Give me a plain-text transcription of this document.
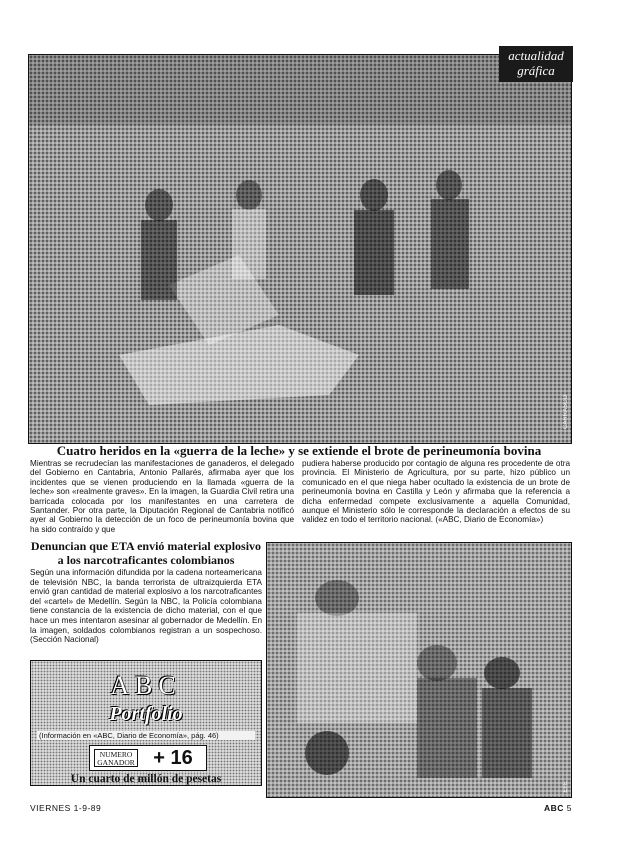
CARRASCO
actualidad
gráfica
Cuatro heridos en la «guerra de la leche» y se extiende el brote de perineumonía bovina

Mientras se recrudecían las manifestaciones de ganaderos, el delegado del Gobierno en Cantabria, Antonio Pallarés, afirmaba ayer que los incidentes que se vienen produciendo en la llamada «guerra de la leche» son «realmente graves». En la imagen, la Guardia Civil retira una barricada colocada por los manifestantes en una carretera de Santander. Por otra parte, la Diputación Regional de Cantabria notificó ayer al Gobierno la detección de un foco de perineumonía bovina que ha sido contraído y que

pudiera haberse producido por contagio de alguna res procedente de otra provincia. El Ministerio de Agricultura, por su parte, hizo público un comunicado en el que niega haber ocultado la existencia de un brote de perineumonía bovina en Castilla y León y afirmaba que la referencia a dicha enfermedad compete exclusivamente a aquella Comunidad, aunque el Ministerio sólo le corresponde la declaración a efectos de su validez en todo el territorio nacional. («ABC, Diario de Economía»)

Denuncian que ETA envió material explosivo a los narcotraficantes colombianos

Según una información difundida por la cadena norteamericana de televisión NBC, la banda terrorista de ultraizquierda ETA envió gran cantidad de material explosivo a los narcotraficantes del «cartel» de Medellín. Según la NBC, la Policía colombiana tiene constancia de la existencia de dicho material, con el que hace un mes intentaron asesinar al gobernador de Medellín. En la imagen, soldados colombianos registran a un sospechoso. (Sección Nacional)

EFE
ABC
Portfolio
(Información en «ABC, Diario de Economía», pág. 46)
NUMERO GANADOR + 16
Un cuarto de millón de pesetas
VIERNES 1-9-89	ABC 5
